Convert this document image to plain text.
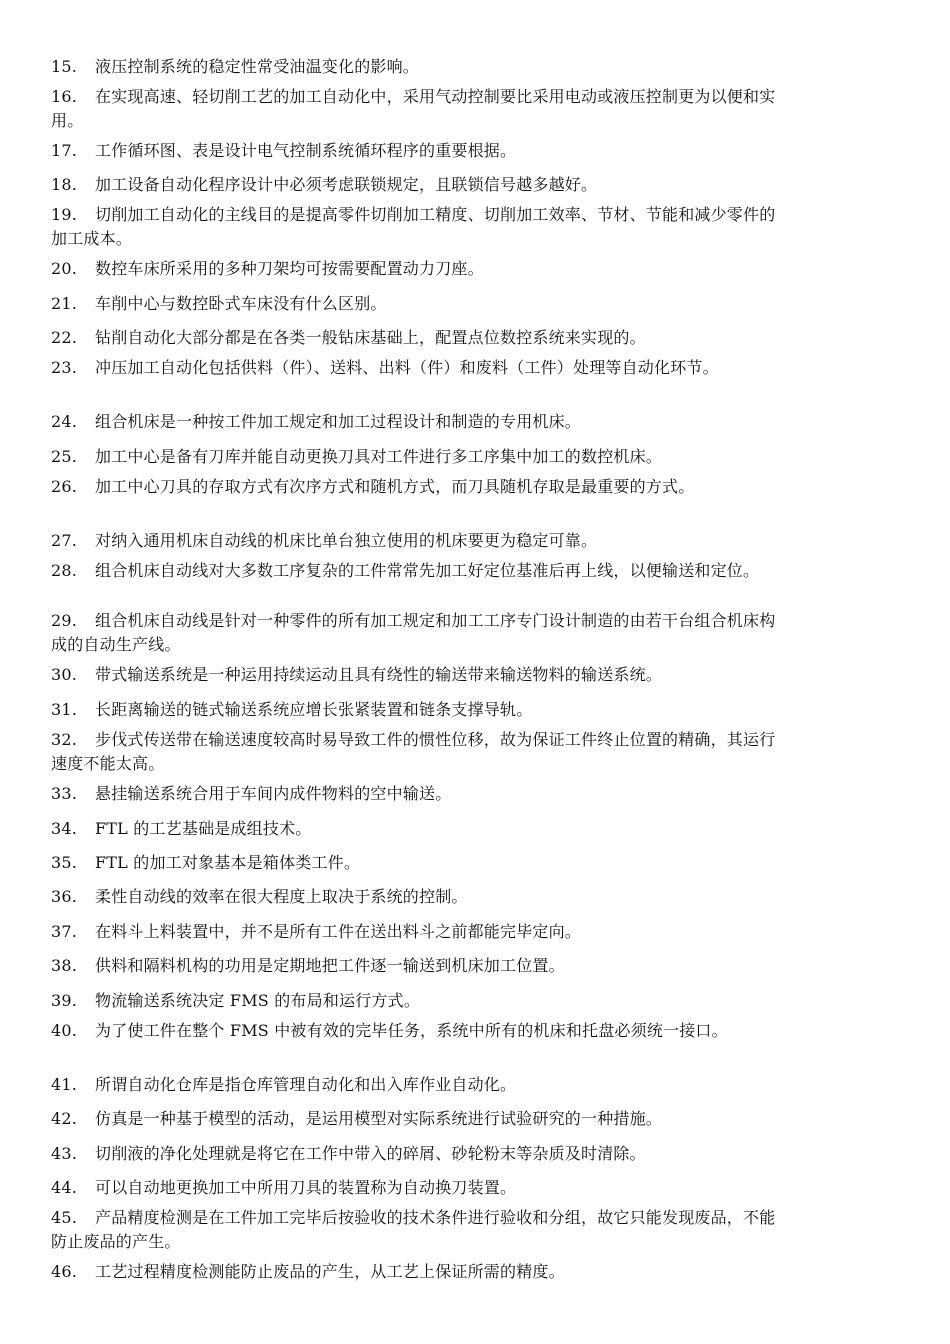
15. 液压控制系统的稳定性常受油温变化的影响。
16. 在实现高速、轻切削工艺的加工自动化中，采用气动控制要比采用电动或液压控制更为以便和实用。
17. 工作循环图、表是设计电气控制系统循环程序的重要根据。
18. 加工设备自动化程序设计中必须考虑联锁规定，且联锁信号越多越好。
19. 切削加工自动化的主线目的是提高零件切削加工精度、切削加工效率、节材、节能和减少零件的加工成本。
20. 数控车床所采用的多种刀架均可按需要配置动力刀座。
21. 车削中心与数控卧式车床没有什么区别。
22. 钻削自动化大部分都是在各类一般钻床基础上，配置点位数控系统来实现的。
23. 冲压加工自动化包括供料（件）、送料、出料（件）和废料（工件）处理等自动化环节。
24. 组合机床是一种按工件加工规定和加工过程设计和制造的专用机床。
25. 加工中心是备有刀库并能自动更换刀具对工件进行多工序集中加工的数控机床。
26. 加工中心刀具的存取方式有次序方式和随机方式，而刀具随机存取是最重要的方式。
27. 对纳入通用机床自动线的机床比单台独立使用的机床要更为稳定可靠。
28. 组合机床自动线对大多数工序复杂的工件常常先加工好定位基准后再上线，以便输送和定位。
29. 组合机床自动线是针对一种零件的所有加工规定和加工工序专门设计制造的由若干台组合机床构成的自动生产线。
30. 带式输送系统是一种运用持续运动且具有绕性的输送带来输送物料的输送系统。
31. 长距离输送的链式输送系统应增长张紧装置和链条支撑导轨。
32. 步伐式传送带在输送速度较高时易导致工件的惯性位移，故为保证工件终止位置的精确，其运行速度不能太高。
33. 悬挂输送系统合用于车间内成件物料的空中输送。
34. FTL 的工艺基础是成组技术。
35. FTL 的加工对象基本是箱体类工件。
36. 柔性自动线的效率在很大程度上取决于系统的控制。
37. 在料斗上料装置中，并不是所有工件在送出料斗之前都能完毕定向。
38. 供料和隔料机构的功用是定期地把工件逐一输送到机床加工位置。
39. 物流输送系统决定 FMS 的布局和运行方式。
40. 为了使工件在整个 FMS 中被有效的完毕任务，系统中所有的机床和托盘必须统一接口。
41. 所谓自动化仓库是指仓库管理自动化和出入库作业自动化。
42. 仿真是一种基于模型的活动，是运用模型对实际系统进行试验研究的一种措施。
43. 切削液的净化处理就是将它在工作中带入的碎屑、砂轮粉末等杂质及时清除。
44. 可以自动地更换加工中所用刀具的装置称为自动换刀装置。
45. 产品精度检测是在工件加工完毕后按验收的技术条件进行验收和分组，故它只能发现废品，不能防止废品的产生。
46. 工艺过程精度检测能防止废品的产生，从工艺上保证所需的精度。
